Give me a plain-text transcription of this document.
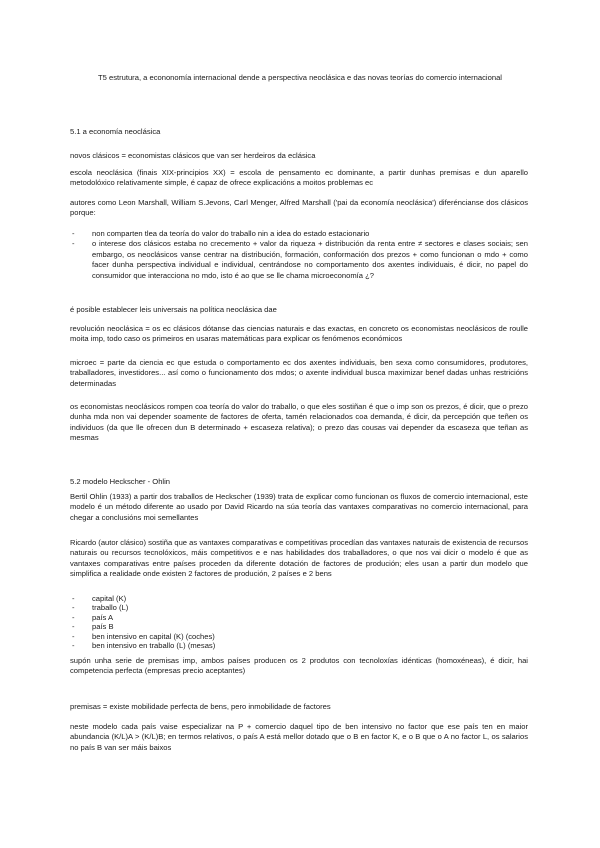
T5 estrutura, a econonomía internacional dende a perspectiva neoclásica e das novas teorías do comercio internacional
5.1 a economía neoclásica
novos clásicos = economistas clásicos que van ser herdeiros da eclásica
escola neoclásica (finais XIX-principios XX) = escola de pensamento ec dominante, a partir dunhas premisas e dun aparello metodolóxico relativamente simple, é capaz de ofrece explicacións a moitos problemas ec
autores como Leon Marshall, William S.Jevons, Carl Menger, Alfred Marshall ('pai da economía neoclásica') diferéncianse dos clásicos porque:
- non comparten tlea da teoría do valor do traballo nin a idea do estado estacionario
- o interese dos clásicos estaba no crecemento + valor da riqueza + distribución da renta entre ≠ sectores e clases sociais; sen embargo, os neoclásicos vanse centrar na distribución, formación, conformación dos prezos + como funcionan o mdo + como facer dunha perspectiva individual e individual, centrándose no comportamento dos axentes individuais, é dicir, no papel do consumidor que interacciona no mdo, isto é ao que se lle chama microeconomía ¿?
é posible establecer leis universais na política neoclásica dae
revolución neoclásica = os ec clásicos dótanse das ciencias naturais e das exactas, en concreto os economistas neoclásicos de roulle moita imp, todo caso os primeiros en usaras matemáticas para explicar os fenómenos económicos
microec = parte da ciencia ec que estuda o comportamento ec dos axentes individuais, ben sexa como consumidores, produtores, traballadores, investidores... así como o funcionamento dos mdos; o axente individual busca maximizar benef dadas unhas restricións determinadas
os economistas neoclásicos rompen coa teoría do valor do traballo, o que eles sostiñan é que o imp son os prezos, é dicir, que o prezo dunha mda non vai depender soamente de factores de oferta, tamén relacionados coa demanda, é dicir, da percepción que teñen os individuos (da que lle ofrecen dun B determinado + escaseza relativa); o prezo das cousas vai depender da escaseza que teñan as mesmas
5.2 modelo Heckscher - Ohlin
Bertil Ohlin (1933) a partir dos traballos de Heckscher (1939) trata de explicar como funcionan os fluxos de comercio internacional, este modelo é un método diferente ao usado por David Ricardo na súa teoría das vantaxes comparativas no comercio internacional, para chegar a conclusións moi semellantes
Ricardo (autor clásico) sostiña que as vantaxes comparativas e competitivas procedían das vantaxes naturais de existencia de recursos naturais ou recursos tecnolóxicos, máis competitivos e e nas habilidades dos traballadores, o que nos vai dicir o modelo é que as vantaxes comparativas entre países proceden da diferente dotación de factores de produción; eles usan a partir dun modelo que simplifica a realidade onde existen 2 factores de produción, 2 países e 2 bens
- capital (K)
- traballo (L)
- país A
- país B
- ben intensivo en capital (K) (coches)
- ben intensivo en traballo (L) (mesas)
supón unha serie de premisas imp, ambos países producen os 2 produtos con tecnoloxías idénticas (homoxéneas), é dicir, hai competencia perfecta (empresas precio aceptantes)
premisas = existe mobilidade perfecta de bens, pero inmobilidade de factores
neste modelo cada país vaise especializar na P + comercio daquel tipo de ben intensivo no factor que ese país ten en maior abundancia (K/L)A > (K/L)B; en termos relativos, o país A está mellor dotado que o B en factor K, e o B que o A no factor L, os salarios no país B van ser máis baixos
